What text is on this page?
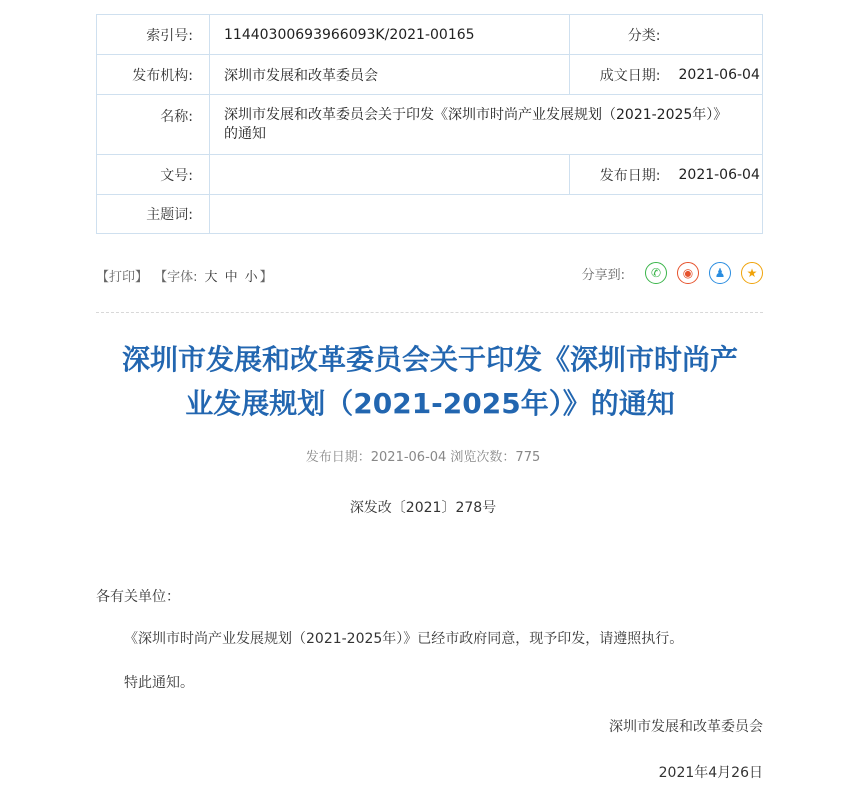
索引号:	11440300693966093K/2021-00165	分类:	
发布机构:	深圳市发展和改革委员会	成文日期:	2021-06-04
名称:	深圳市发展和改革委员会关于印发《深圳市时尚产业发展规划（2021-2025年）》的通知		
文号:		发布日期:	2021-06-04
主题词:			
【打印】 【字体: 大 中 小 】	分享到:	✆	◉	♟	★
深圳市发展和改革委员会关于印发《深圳市时尚产
业发展规划（2021-2025年）》的通知
发布日期：2021-06-04 浏览次数：775
深发改〔2021〕278号
各有关单位：
《深圳市时尚产业发展规划（2021-2025年）》已经市政府同意，现予印发，请遵照执行。
特此通知。
深圳市发展和改革委员会
2021年4月26日
